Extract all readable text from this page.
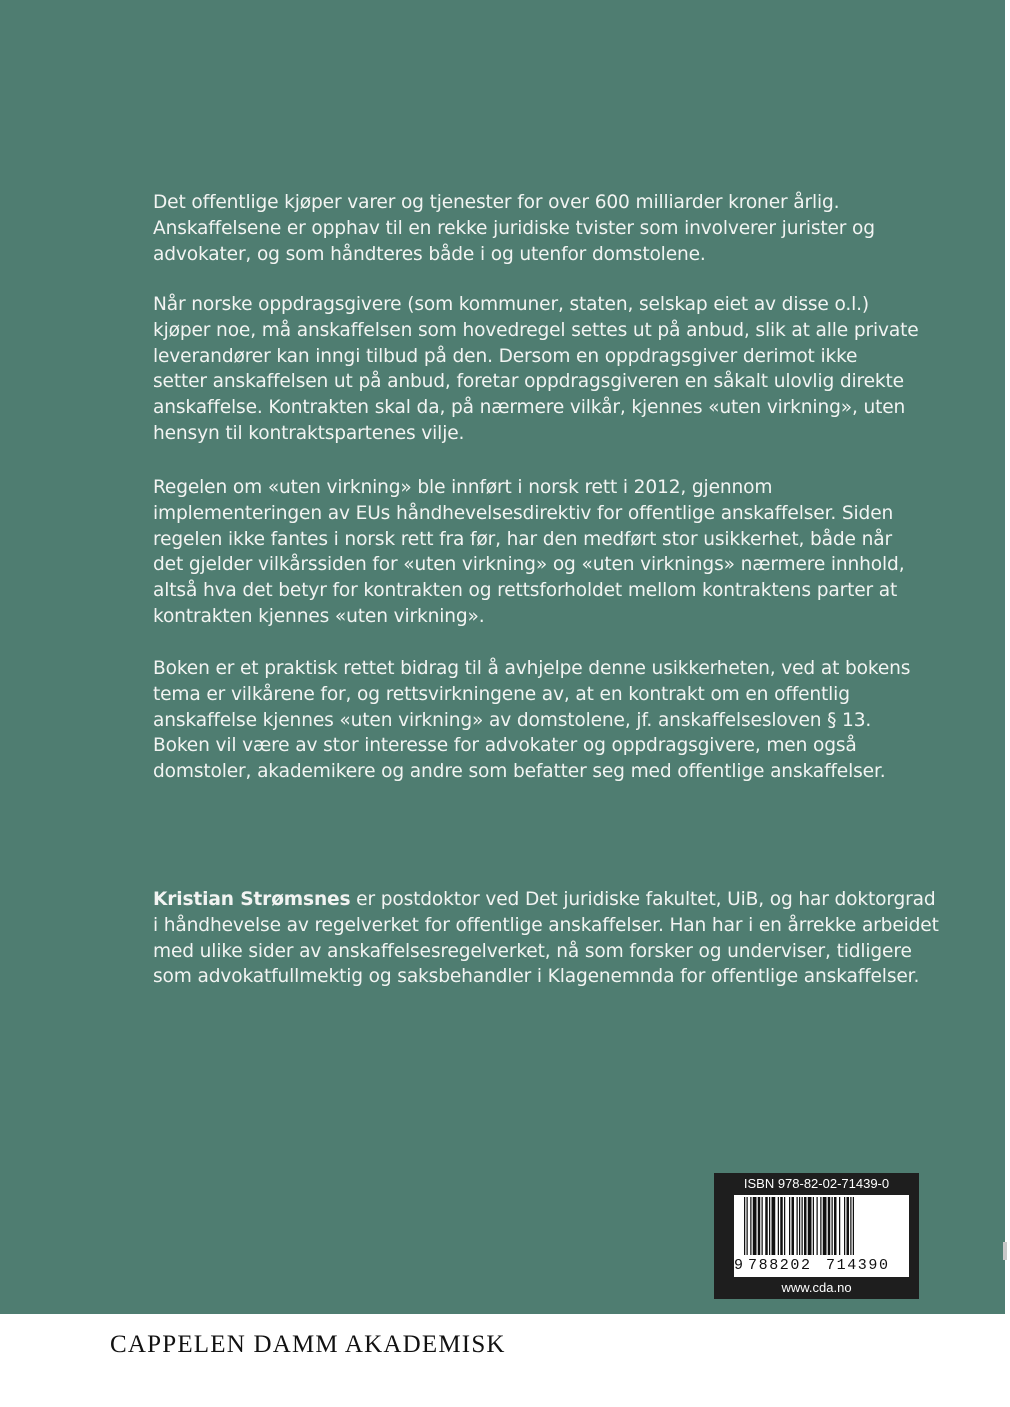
Det offentlige kjøper varer og tjenester for over 600 milliarder kroner årlig.
Anskaffelsene er opphav til en rekke juridiske tvister som involverer jurister og
advokater, og som håndteres både i og utenfor domstolene.
Når norske oppdragsgivere (som kommuner, staten, selskap eiet av disse o.l.)
kjøper noe, må anskaffelsen som hovedregel settes ut på anbud, slik at alle private
leverandører kan inngi tilbud på den. Dersom en oppdragsgiver derimot ikke
setter anskaffelsen ut på anbud, foretar oppdragsgiveren en såkalt ulovlig direkte
anskaffelse. Kontrakten skal da, på nærmere vilkår, kjennes «uten virkning», uten
hensyn til kontraktspartenes vilje.
Regelen om «uten virkning» ble innført i norsk rett i 2012, gjennom
implementeringen av EUs håndhevelsesdirektiv for offentlige anskaffelser. Siden
regelen ikke fantes i norsk rett fra før, har den medført stor usikkerhet, både når
det gjelder vilkårssiden for «uten virkning» og «uten virknings» nærmere innhold,
altså hva det betyr for kontrakten og rettsforholdet mellom kontraktens parter at
kontrakten kjennes «uten virkning».
Boken er et praktisk rettet bidrag til å avhjelpe denne usikkerheten, ved at bokens
tema er vilkårene for, og rettsvirkningene av, at en kontrakt om en offentlig
anskaffelse kjennes «uten virkning» av domstolene, jf. anskaffelsesloven § 13.
Boken vil være av stor interesse for advokater og oppdragsgivere, men også
domstoler, akademikere og andre som befatter seg med offentlige anskaffelser.
Kristian Strømsnes er postdoktor ved Det juridiske fakultet, UiB, og har doktorgrad
i håndhevelse av regelverket for offentlige anskaffelser. Han har i en årrekke arbeidet
med ulike sider av anskaffelsesregelverket, nå som forsker og underviser, tidligere
som advokatfullmektig og saksbehandler i Klagenemnda for offentlige anskaffelser.
ISBN 978-82-02-71439-0
9 788202 714390
www.cda.no
CAPPELEN DAMM AKADEMISK
